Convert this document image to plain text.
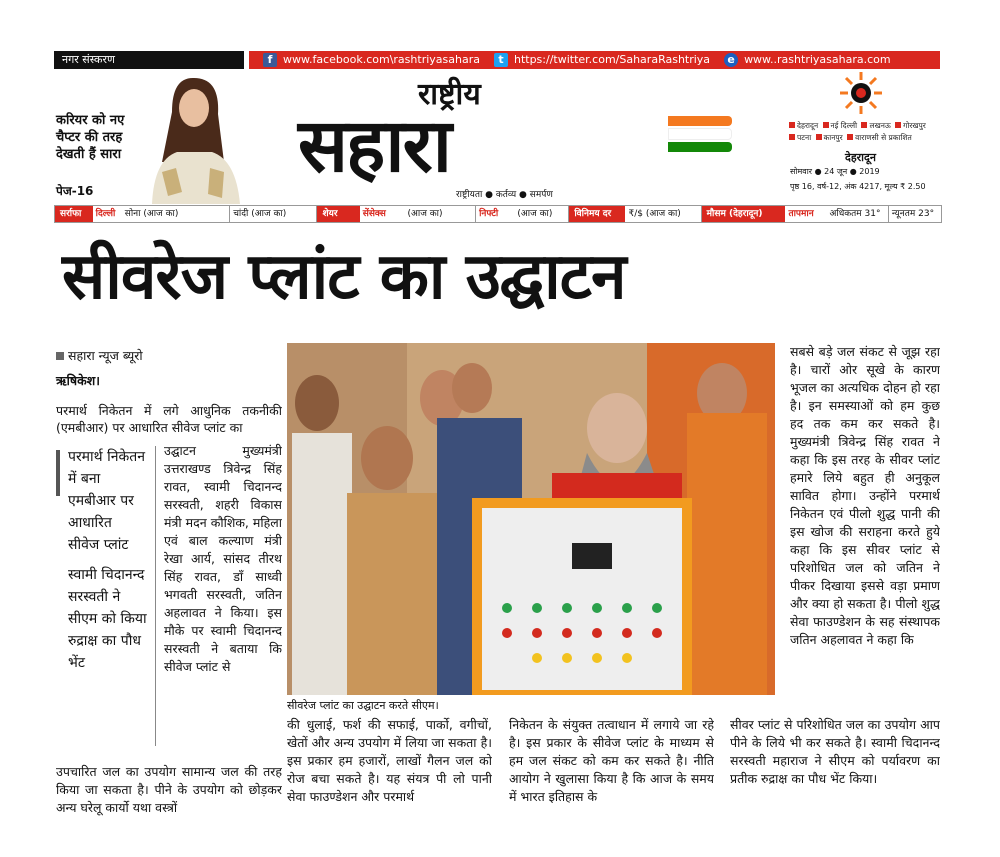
नगर संस्करण	f www.facebook.com\rashtriyasahara	t https://twitter.com/SaharaRashtriya e www..rashtriyasahara.com
करियर को नए चैप्टर की तरह देखती हैं सारा
पेज-16
राष्ट्रीय
सहारा
राष्ट्रीयता ● कर्तव्य ● समर्पण
देहरादून नई दिल्ली लखनऊ गोरखपुर
पटना कानपुर वाराणसी से प्रकाशित
देहरादून
सोमवार ● 24 जून ● 2019
पृष्ठ 16, वर्ष-12, अंक 4217, मूल्य ₹ 2.50
सर्राफा	दिल्ली	सोना (आज का)	चांदी (आज का)	शेयर	सेंसेक्स	(आज का)	निफ्टी	(आज का)	विनिमय दर	₹/$ (आज का)	मौसम (देहरादून)	तापमान	अधिकतम 31°	न्यूनतम 23°
सीवरेज प्लांट का उद्घाटन
सहारा न्यूज ब्यूरो
ऋषिकेश।
परमार्थ निकेतन में लगे आधुनिक तकनीकी (एमबीआर) पर आधारित सीवेज प्लांट का

परमार्थ निकेतन में बना एमबीआर पर आधारित सीवेज प्लांट

स्वामी चिदानन्द सरस्वती ने सीएम को किया रुद्राक्ष का पौध भेंट

उद्घाटन मुख्यमंत्री उत्तराखण्ड त्रिवेन्द्र सिंह रावत, स्वामी चिदानन्द सरस्वती, शहरी विकास मंत्री मदन कौशिक, महिला एवं बाल कल्याण मंत्री रेखा आर्य, सांसद तीरथ सिंह रावत, डॉं साध्वी भगवती सरस्वती, जतिन अहलावत ने किया। इस मौके पर स्वामी चिदानन्द सरस्वती ने बताया कि सीवेज प्लांट से
उपचारित जल का उपयोग सामान्य जल की तरह किया जा सकता है। पीने के उपयोग को छोड़कर अन्य घरेलू कार्यो यथा वस्त्रों
सीवरेज प्लांट का उद्घाटन करते सीएम।
की धुलाई, फर्श की सफाई, पार्को, वगीचों, खेतों और अन्य उपयोग में लिया जा सकता है। इस प्रकार हम हजारों, लाखों गैलन जल को रोज बचा सकते है। यह संयत्र पी लो पानी सेवा फाउण्डेशन और परमार्थ
निकेतन के संयुक्त तत्वाधान में लगाये जा रहे है। इस प्रकार के सीवेज प्लांट के माध्यम से हम जल संकट को कम कर सकते है। नीति आयोग ने खुलासा किया है कि आज के समय में भारत इतिहास के
सबसे बड़े जल संकट से जूझ रहा है। चारों ओर सूखे के कारण भूजल का अत्यधिक दोहन हो रहा है। इन समस्याओं को हम कुछ हद तक कम कर सकते है। मुख्यमंत्री त्रिवेन्द्र सिंह रावत ने कहा कि इस तरह के सीवर प्लांट हमारे लिये बहुत ही अनुकूल सावित होगा। उन्होंने परमार्थ निकेतन एवं पीलो शुद्ध पानी की इस खोज की सराहना करते हुये कहा कि इस सीवर प्लांट से परिशोधित जल को जतिन ने पीकर दिखाया इससे वड़ा प्रमाण और क्या हो सकता है। पीलो शुद्ध सेवा फाउण्डेशन के सह संस्थापक जतिन अहलावत ने कहा कि
सीवर प्लांट से परिशोधित जल का उपयोग आप पीने के लिये भी कर सकते है। स्वामी चिदानन्द सरस्वती महाराज ने सीएम को पर्यावरण का प्रतीक रुद्राक्ष का पौध भेंट किया।
